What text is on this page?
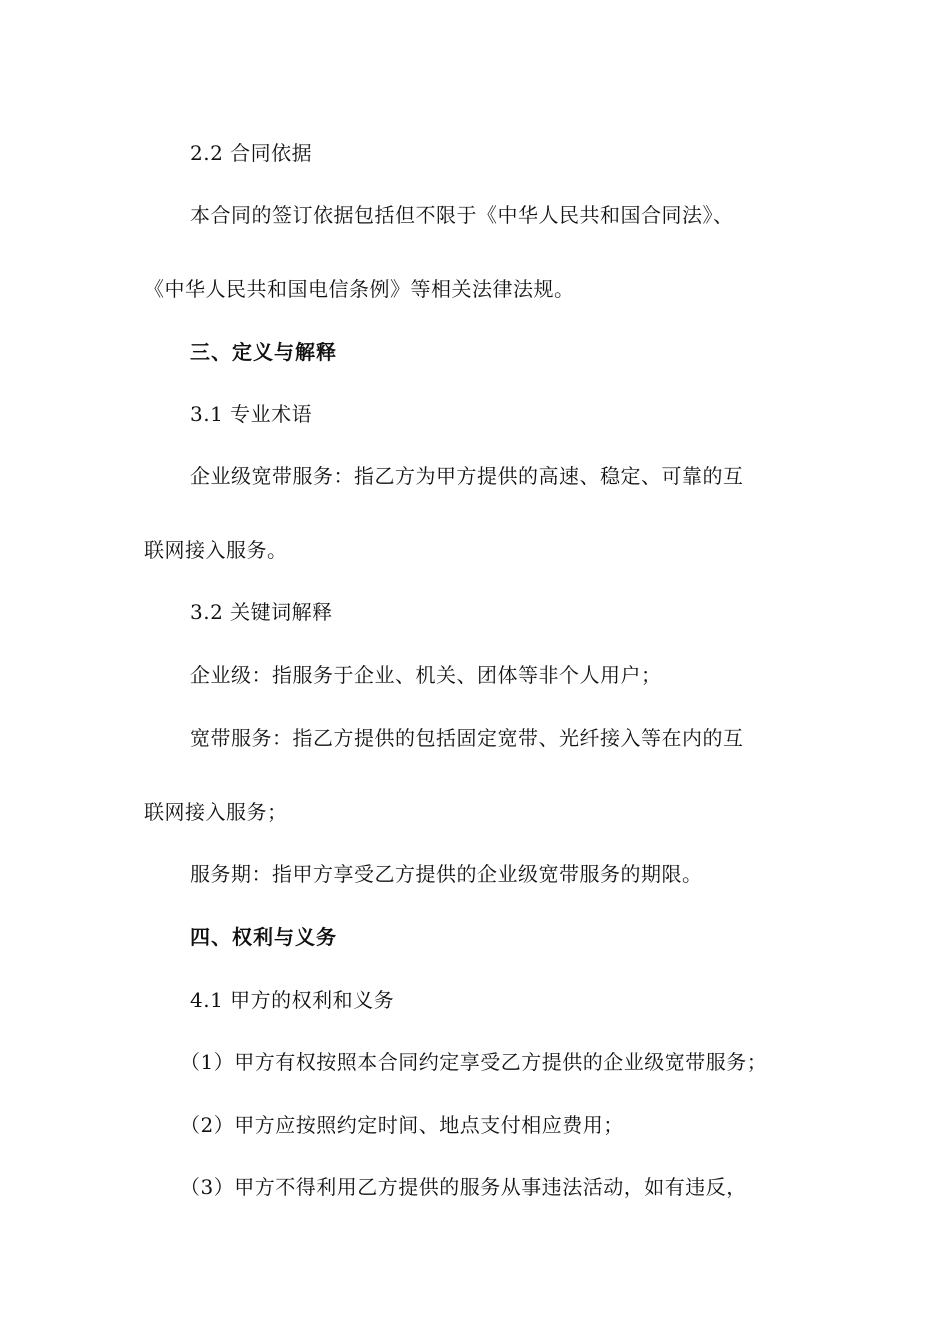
2.2 合同依据
本合同的签订依据包括但不限于《中华人民共和国合同法》、
《中华人民共和国电信条例》等相关法律法规。
三、定义与解释
3.1 专业术语
企业级宽带服务：指乙方为甲方提供的高速、稳定、可靠的互
联网接入服务。
3.2 关键词解释
企业级：指服务于企业、机关、团体等非个人用户；
宽带服务：指乙方提供的包括固定宽带、光纤接入等在内的互
联网接入服务；
服务期：指甲方享受乙方提供的企业级宽带服务的期限。
四、权利与义务
4.1 甲方的权利和义务
（1）甲方有权按照本合同约定享受乙方提供的企业级宽带服务；
（2）甲方应按照约定时间、地点支付相应费用；
（3）甲方不得利用乙方提供的服务从事违法活动，如有违反，
